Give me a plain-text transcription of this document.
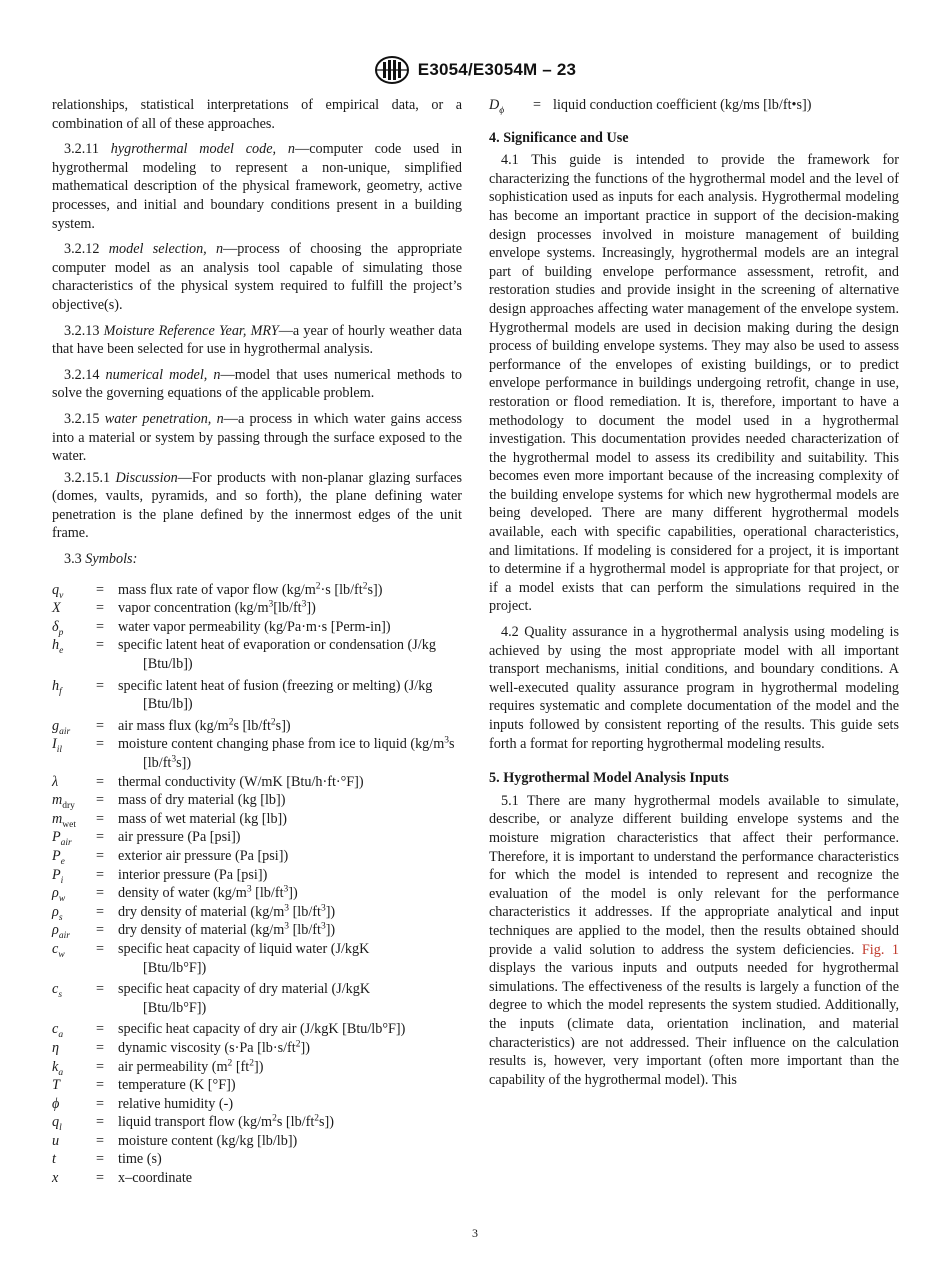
E3054/E3054M – 23

relationships, statistical interpretations of empirical data, or a combination of all of these approaches.

3.2.11 hygrothermal model code, n—computer code used in hygrothermal modeling to represent a non-unique, simplified mathematical description of the physical framework, geometry, active processes, and initial and boundary conditions present in a building system.

3.2.12 model selection, n—process of choosing the appropriate computer model as an analysis tool capable of simulating those characteristics of the physical system required to fulfill the project’s objective(s).

3.2.13 Moisture Reference Year, MRY—a year of hourly weather data that have been selected for use in hygrothermal analysis.

3.2.14 numerical model, n—model that uses numerical methods to solve the governing equations of the applicable problem.

3.2.15 water penetration, n—a process in which water gains access into a material or system by passing through the surface exposed to the water.

3.2.15.1 Discussion—For products with non-planar glazing surfaces (domes, vaults, pyramids, and so forth), the plane defining water penetration is the plane defined by the innermost edges of the unit frame.

3.3 Symbols:

$q_v$	= mass flux rate of vapor flow ($kg/m^2\cdot s$ $[lb/ft^2s]$)
X	= vapor concentration $(kg/m^3[lb/ft^3])$
$\delta_p$	= water vapor permeability (kg/Pa·m·s [Perm-in])
$h_e$	= specific latent heat of evaporation or condensation (J/kg [Btu/lb])
$h_f$	= specific latent heat of fusion (freezing or melting) (J/kg [Btu/lb])
$g_{air}$	= air mass flux ($kg/m^2s$ $[lb/ft^2s]$)
$I_{il}$	= moisture content changing phase from ice to liquid ($kg/m^3s$ $[lb/ft^3s]$)
λ	= thermal conductivity (W/mK [Btu/h·ft·°F])
$m_{dry}$	= mass of dry material (kg [lb])
$m_{wet}$	= mass of wet material (kg [lb])
$P_{air}$	= air pressure (Pa [psi])
$P_e$	= exterior air pressure (Pa [psi])
$P_i$	= interior pressure (Pa [psi])
$\rho_w$	= density of water ($kg/m^3$ $[lb/ft^3]$)
$\rho_s$	= dry density of material ($kg/m^3$ $[lb/ft^3]$)
$\rho_{air}$	= dry density of material ($kg/m^3$ $[lb/ft^3]$)
$c_w$	= specific heat capacity of liquid water (J/kgK [Btu/lb°F])
$c_s$	= specific heat capacity of dry material (J/kgK [Btu/lb°F])
$c_a$	= specific heat capacity of dry air (J/kgK [Btu/lb°F])
η	= dynamic viscosity (s·Pa $[lb\cdot s/ft^2]$)
$k_a$	= air permeability ($m^2$ $[ft^2]$)
T	= temperature (K [°F])
ϕ	= relative humidity (-)
$q_l$	= liquid transport flow ($kg/m^2s$ $[lb/ft^2s]$)
u	= moisture content (kg/kg [lb/lb])
t	= time (s)
x	= x–coordinate
$D_\phi$	= liquid conduction coefficient (kg/ms [lb/ft•s])
4. Significance and Use

4.1 This guide is intended to provide the framework for characterizing the functions of the hygrothermal model and the level of sophistication used as inputs for each analysis. Hygrothermal modeling has become an important practice in support of the decision-making design processes involved in moisture management of building envelope systems. Increasingly, hygrothermal models are an integral part of building envelope performance assessment, retrofit, and restoration studies and provide insight in the screening of alternative design approaches affecting water management of the envelope system. Hygrothermal models are used in decision making during the design process of building envelope systems. They may also be used to assess performance of the envelopes of existing buildings, or to predict envelope performance in buildings undergoing retrofit, change in use, restoration or flood remediation. It is, therefore, important to have a methodology to document the model used in a hygrothermal investigation. This documentation provides needed characterization of the hygrothermal model to assess its credibility and suitability. This becomes even more important because of the increasing complexity of the building envelope systems for which new hygrothermal models are being developed. There are many different hygrothermal models available, each with specific capabilities, operational characteristics, and limitations. If modeling is considered for a project, it is important to determine if a hygrothermal model is appropriate for that project, or if a model exists that can perform the simulations required in the project.

4.2 Quality assurance in a hygrothermal analysis using modeling is achieved by using the most appropriate model with all important transport mechanisms, initial conditions, and boundary conditions. A well-executed quality assurance program in hygrothermal modeling requires systematic and complete documentation of the model and the inputs followed by consistent reporting of the results. This guide sets forth a format for reporting hygrothermal modeling results.

5. Hygrothermal Model Analysis Inputs

5.1 There are many hygrothermal models available to simulate, describe, or analyze different building envelope systems and the moisture migration characteristics that affect their performance. Therefore, it is important to understand the performance characteristics for which the model is intended to represent and recognize the evaluation of the model is only relevant for the performance characteristics it addresses. If the appropriate analytical and input techniques are applied to the model, then the results obtained should provide a valid solution to address the system deficiencies. Fig. 1 displays the various inputs and outputs needed for hygrothermal simulations. The effectiveness of the results is largely a function of the degree to which the model represents the system studied. Additionally, the inputs (climate data, orientation inclination, and material characteristics) are not addressed. Their influence on the calculation results is, however, very important (often more important than the capability of the hygrothermal model). This

3
